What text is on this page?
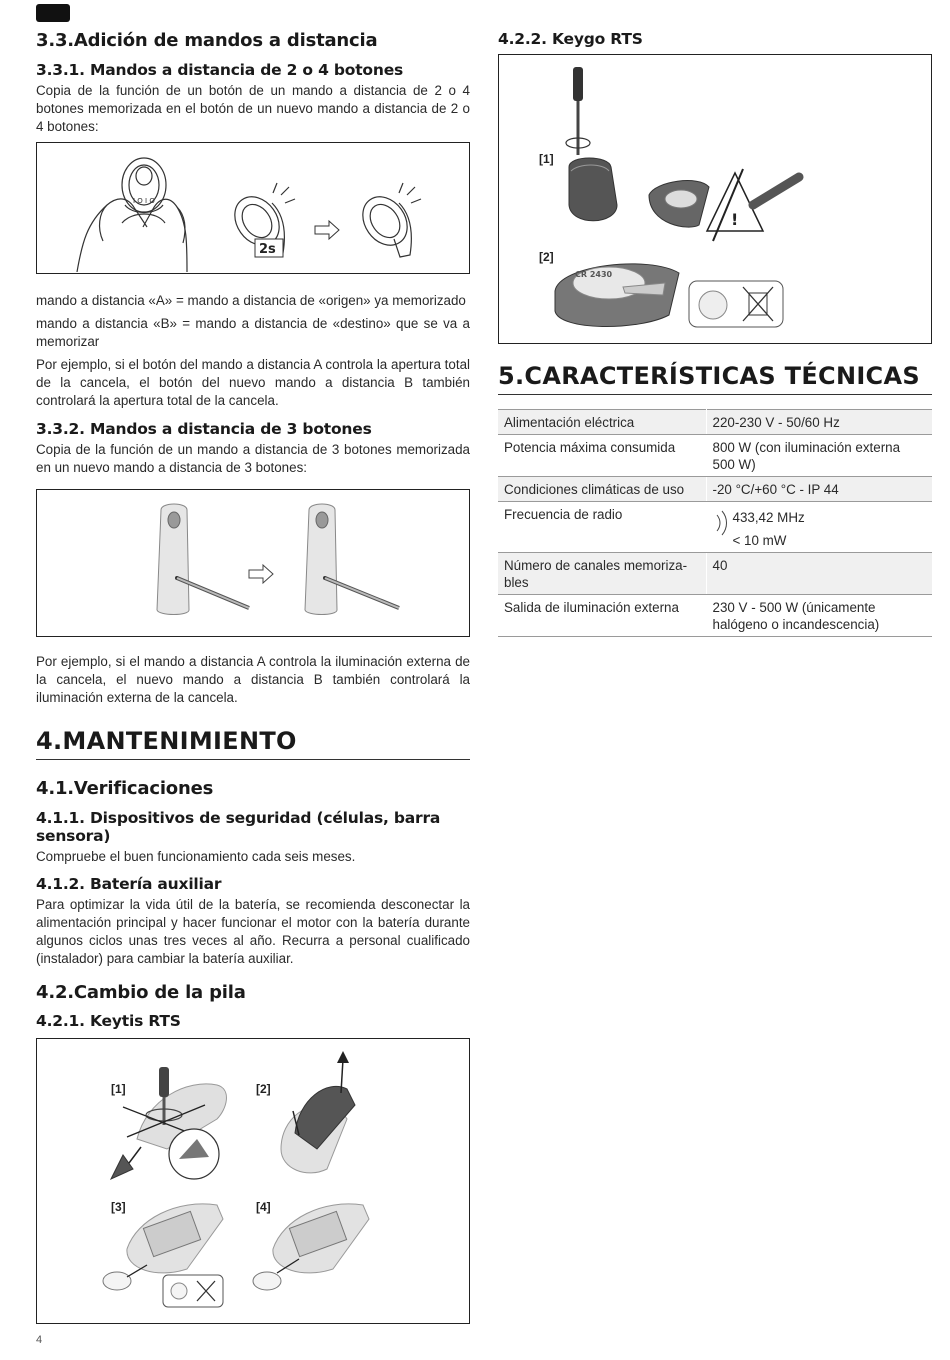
3.3.Adición de mandos a distancia
3.3.1. Mandos a distancia de 2 o 4 botones
Copia de la función de un botón de un mando a distancia de 2 o 4 botones memorizada en el botón de un nuevo mando a distancia de 2 o 4 botones:
I O I O
2s
mando a distancia «A» = mando a distancia de «origen» ya memorizado
mando a distancia «B» = mando a distancia de «destino» que se va a memorizar
Por ejemplo, si el botón del mando a distancia A controla la apertura total de la cancela, el botón del nuevo mando a distancia B también controlará la apertura total de la cancela.
3.3.2. Mandos a distancia de 3 botones
Copia de la función de un mando a distancia de 3 botones memorizada en un nuevo mando a distancia de 3 botones:
Por ejemplo, si el mando a distancia A controla la iluminación externa de la cancela, el nuevo mando a distancia B también controlará la iluminación externa de la cancela.
4.MANTENIMIENTO
4.1.Verificaciones
4.1.1. Dispositivos de seguridad (células, barra sensora)
Compruebe el buen funcionamiento cada seis meses.
4.1.2. Batería auxiliar
Para optimizar la vida útil de la batería, se recomienda desconectar la alimentación principal y hacer funcionar el motor con la batería durante algunos ciclos unas tres veces al año. Recurra a personal cualificado (instalador) para cambiar la batería auxiliar.
4.2.Cambio de la pila
4.2.1. Keytis RTS
[1]	[2]
[3]	[4]
4.2.2. Keygo RTS
[1]
[2]
!
CR 2430
5.CARACTERÍSTICAS TÉCNICAS
Alimentación eléctrica	220-230 V - 50/60 Hz
Potencia máxima consumida	800 W (con iluminación externa 500 W)
Condiciones climáticas de uso	-20 °C/+60 °C - IP 44
Frecuencia de radio	433,42 MHz
< 10 mW

Número de canales memoriza-bles	40
Salida de iluminación externa	230 V - 500 W (únicamente halógeno o incandescencia)
4
